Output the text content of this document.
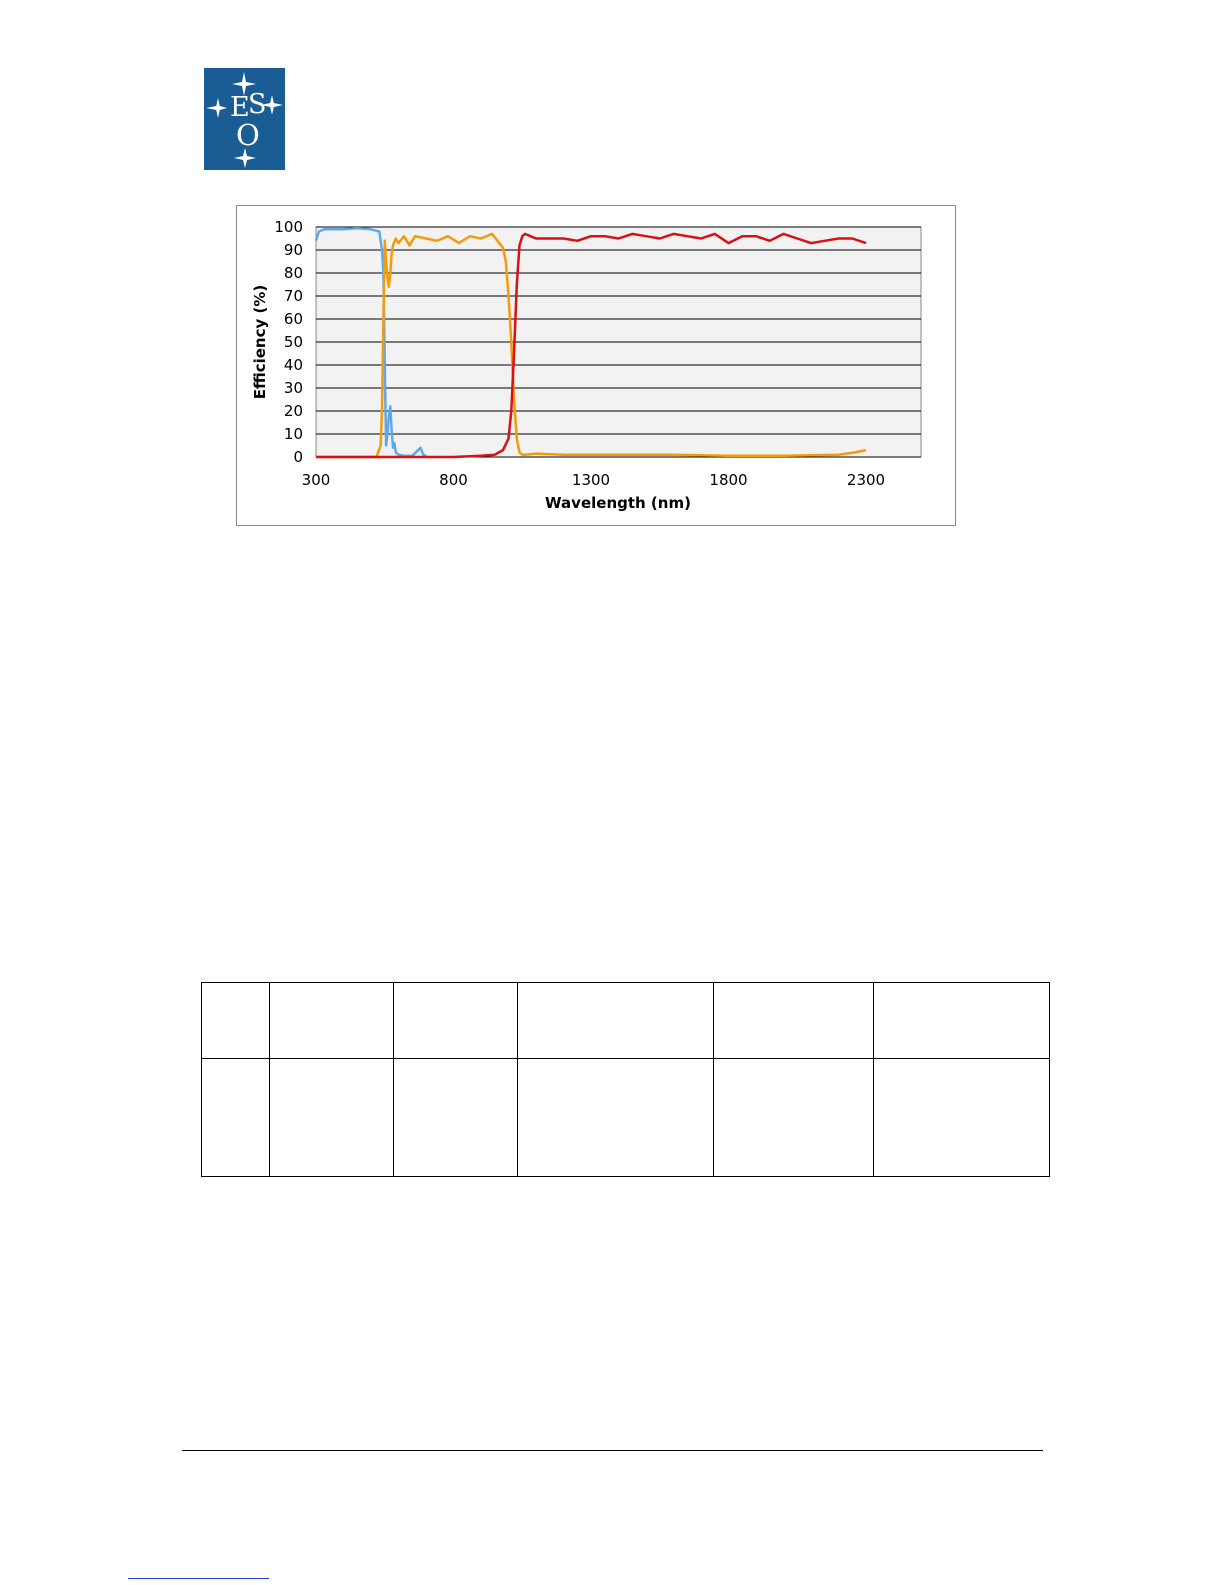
E
S
O
0
10
20
30
40
50
60
70
80
90
100
300	800	1300	1800	2300
Wavelength (nm)
Efficiency (%)
